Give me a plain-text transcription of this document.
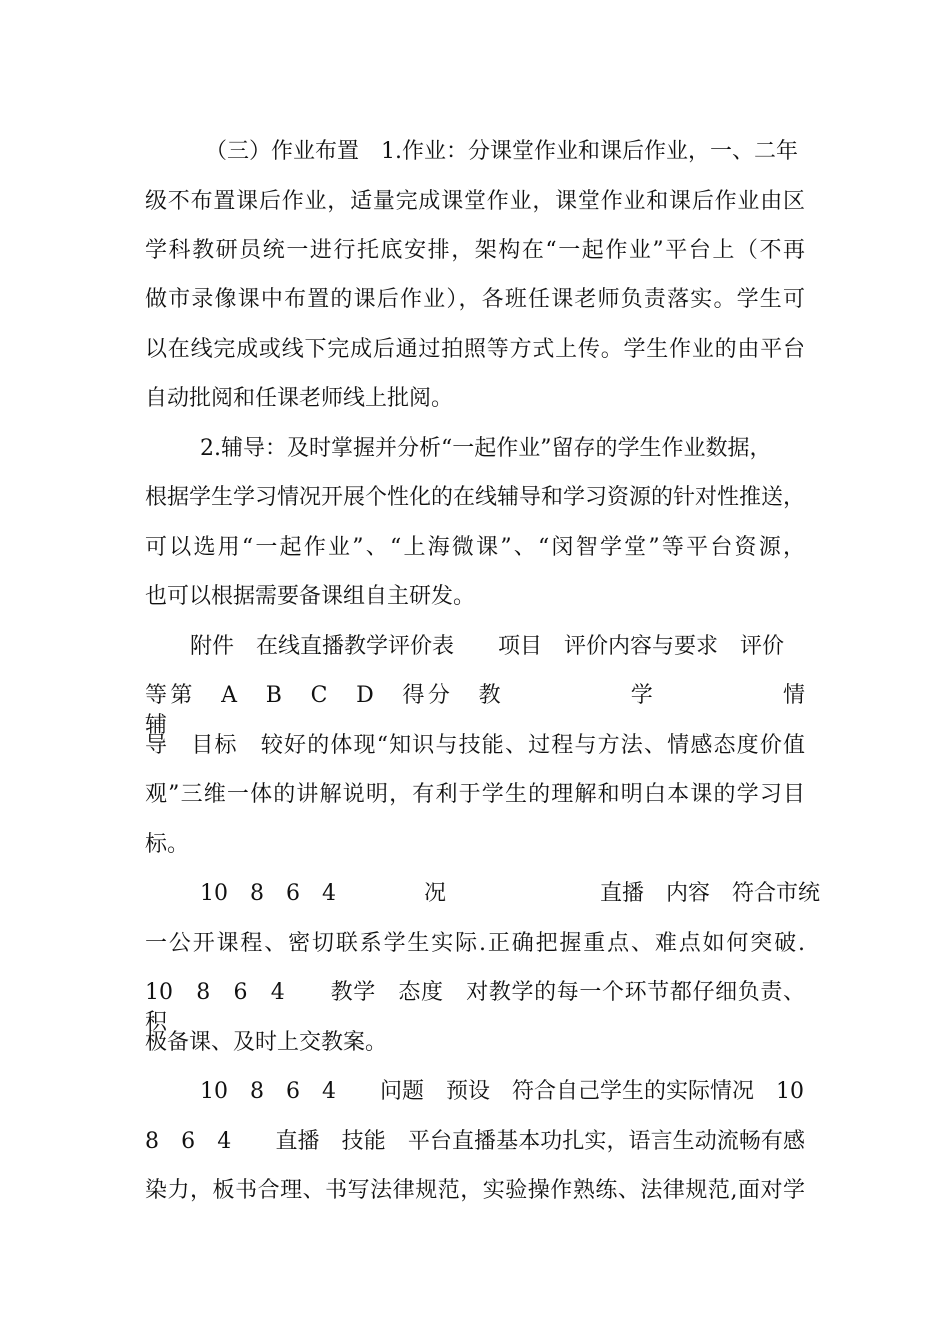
（三）作业布置　1.作业：分课堂作业和课后作业，一、二年

级不布置课后作业，适量完成课堂作业，课堂作业和课后作业由区

学科教研员统一进行托底安排，架构在“一起作业”平台上（不再

做市录像课中布置的课后作业），各班任课老师负责落实。学生可

以在线完成或线下完成后通过拍照等方式上传。学生作业的由平台

自动批阅和任课老师线上批阅。

2.辅导：及时掌握并分析“一起作业”留存的学生作业数据，

根据学生学习情况开展个性化的在线辅导和学习资源的针对性推送，

可以选用“一起作业”、“上海微课”、“闵智学堂”等平台资源，

也可以根据需要备课组自主研发。

附件　在线直播教学评价表　　项目　评价内容与要求　评价

等第　A　B　C　D　得分　教　　　　　学　　　　　情　　　　辅

导　目标　较好的体现“知识与技能、过程与方法、情感态度价值

观”三维一体的讲解说明，有利于学生的理解和明白本课的学习目

标。

10　8　6　4　　　　况　　　　　　　直播　内容　符合市统

一公开课程、密切联系学生实际.正确把握重点、难点如何突破.

10　8　6　4　　教学　态度　对教学的每一个环节都仔细负责、积

极备课、及时上交教案。

10　8　6　4　　问题　预设　符合自己学生的实际情况　10

8　6　4　　直播　技能　平台直播基本功扎实，语言生动流畅有感

染力，板书合理、书写法律规范，实验操作熟练、法律规范,面对学
